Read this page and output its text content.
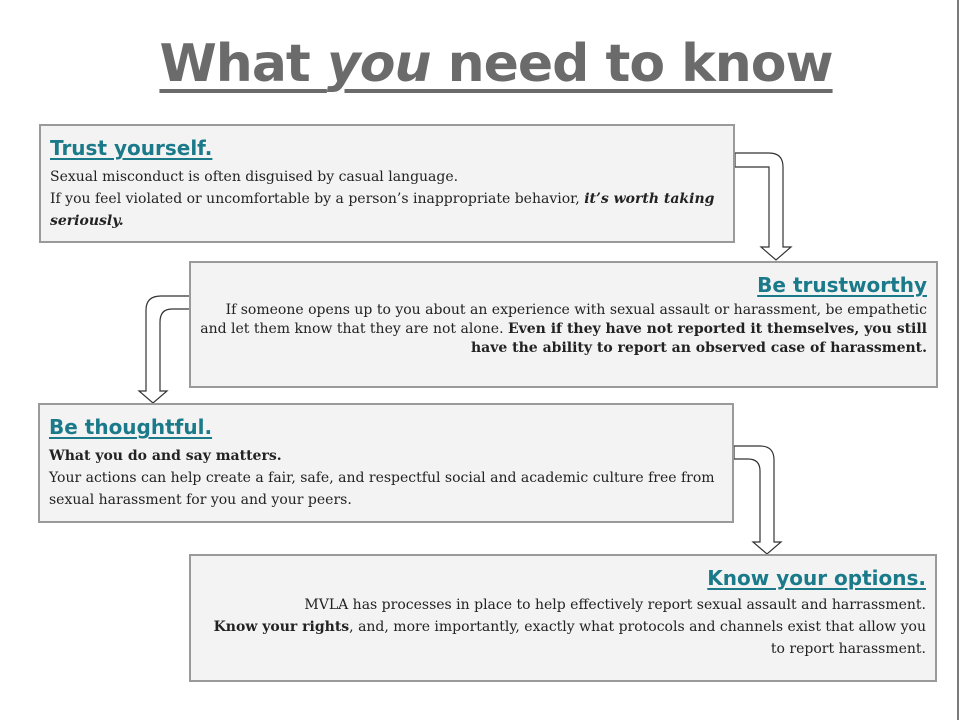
What you need to know
Trust yourself.

Sexual misconduct is often disguised by casual language.
If you feel violated or uncomfortable by a person’s inappropriate behavior, it’s worth taking seriously.

Be trustworthy

If someone opens up to you about an experience with sexual assault or harassment, be empathetic and let them know that they are not alone. Even if they have not reported it themselves, you still have the ability to report an observed case of harassment.

Be thoughtful.

What you do and say matters.
Your actions can help create a fair, safe, and respectful social and academic culture free from sexual harassment for you and your peers.

Know your options.

MVLA has processes in place to help effectively report sexual assault and harrassment.
Know your rights, and, more importantly, exactly what protocols and channels exist that allow you to report harassment.
